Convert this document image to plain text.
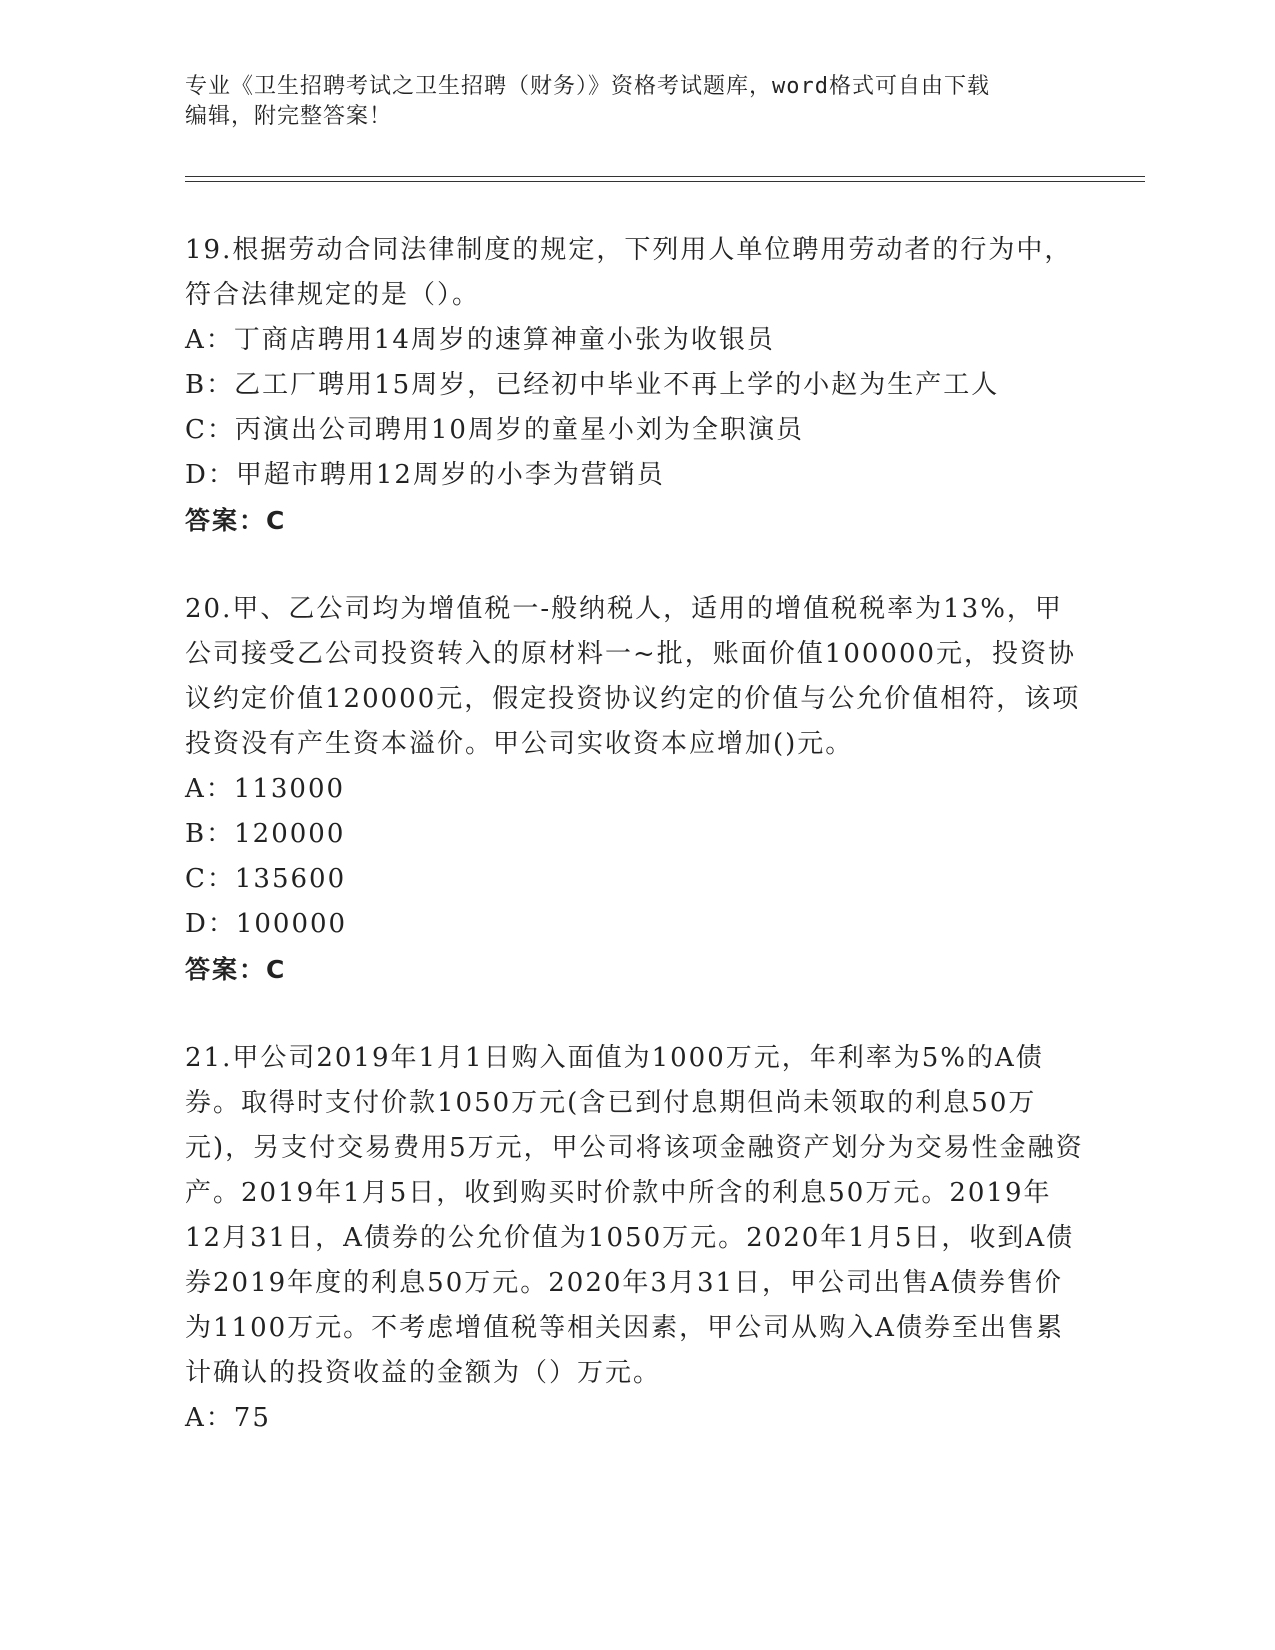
专业《卫生招聘考试之卫生招聘（财务）》资格考试题库，word格式可自由下载
编辑，附完整答案！
19.根据劳动合同法律制度的规定，下列用人单位聘用劳动者的行为中，符合法律规定的是（）。
A：丁商店聘用14周岁的速算神童小张为收银员
B：乙工厂聘用15周岁，已经初中毕业不再上学的小赵为生产工人
C：丙演出公司聘用10周岁的童星小刘为全职演员
D：甲超市聘用12周岁的小李为营销员
答案：C
20.甲、乙公司均为增值税一-般纳税人，适用的增值税税率为13%，甲公司接受乙公司投资转入的原材料一~批，账面价值100000元，投资协议约定价值120000元，假定投资协议约定的价值与公允价值相符，该项投资没有产生资本溢价。甲公司实收资本应增加()元。
A：113000
B：120000
C：135600
D：100000
答案：C
21.甲公司2019年1月1日购入面值为1000万元，年利率为5%的A债券。取得时支付价款1050万元(含已到付息期但尚未领取的利息50万元)，另支付交易费用5万元，甲公司将该项金融资产划分为交易性金融资产。2019年1月5日，收到购买时价款中所含的利息50万元。2019年12月31日，A债券的公允价值为1050万元。2020年1月5日，收到A债券2019年度的利息50万元。2020年3月31日，甲公司出售A债券售价为1100万元。不考虑增值税等相关因素，甲公司从购入A债券至出售累计确认的投资收益的金额为（）万元。
A：75
